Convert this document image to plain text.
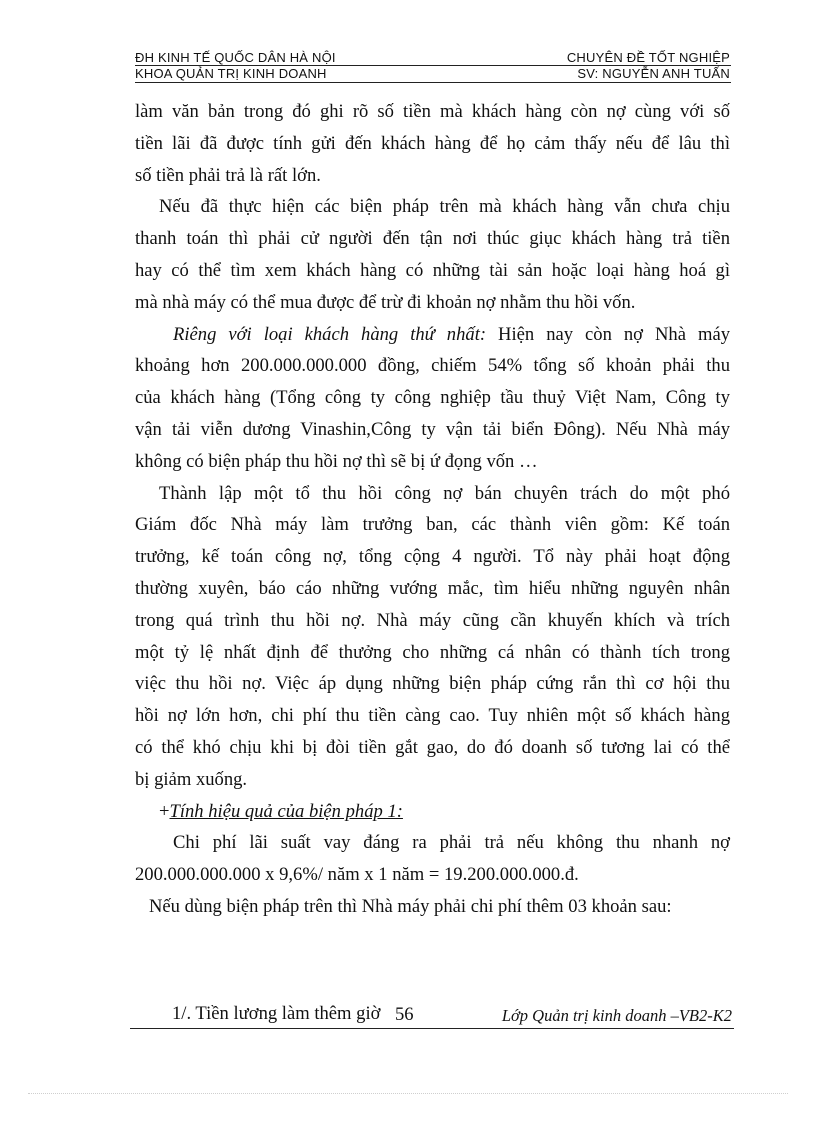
ĐH KINH TẾ QUỐC DÂN HÀ NỘI	CHUYÊN ĐỀ TỐT NGHIỆP
KHOA QUẢN TRỊ KINH DOANH	SV: NGUYỄN ANH TUẤN
làm văn bản trong đó ghi rõ số tiền mà khách hàng còn nợ cùng với số
tiền lãi đã được tính gửi đến khách hàng để họ cảm thấy nếu để lâu thì
số tiền phải trả là rất lớn.
Nếu đã thực hiện các biện pháp trên mà khách hàng vẫn chưa chịu
thanh toán thì phải cử người đến tận nơi thúc giục khách hàng trả tiền
hay có thể tìm xem khách hàng có những tài sản hoặc loại hàng hoá gì
mà nhà máy có thể mua được để trừ đi khoản nợ nhằm thu hồi vốn.
Riêng với loại khách hàng thứ nhất: Hiện nay còn nợ Nhà máy
khoảng hơn 200.000.000.000 đồng, chiếm 54% tổng số khoản phải thu
của khách hàng (Tổng công ty công nghiệp tầu thuỷ Việt Nam, Công ty
vận tải viễn dương Vinashin,Công ty vận tải biển Đông). Nếu Nhà máy
không có biện pháp thu hồi nợ thì sẽ bị ứ đọng vốn …
Thành lập một tổ thu hồi công nợ bán chuyên trách do một phó
Giám đốc Nhà máy làm trưởng ban, các thành viên gồm: Kế toán
trưởng, kế toán công nợ, tổng cộng 4 người. Tổ này phải hoạt động
thường xuyên, báo cáo những vướng mắc, tìm hiểu những nguyên nhân
trong quá trình thu hồi nợ. Nhà máy cũng cần khuyến khích và trích
một tỷ lệ nhất định để thưởng cho những cá nhân có thành tích trong
việc thu hồi nợ. Việc áp dụng những biện pháp cứng rắn thì cơ hội thu
hồi nợ lớn hơn, chi phí thu tiền càng cao. Tuy nhiên một số khách hàng
có thể khó chịu khi bị đòi tiền gắt gao, do đó doanh số tương lai có thể
bị giảm xuống.
+Tính hiệu quả của biện pháp 1:
Chi phí lãi suất vay đáng ra phải trả nếu không thu nhanh nợ
200.000.000.000 x 9,6%/ năm x 1 năm = 19.200.000.000.đ.
Nếu dùng biện pháp trên thì Nhà máy phải chi phí thêm 03 khoản sau:
1/. Tiền lương làm thêm giờ 56	Lớp Quản trị kinh doanh –VB2-K2
